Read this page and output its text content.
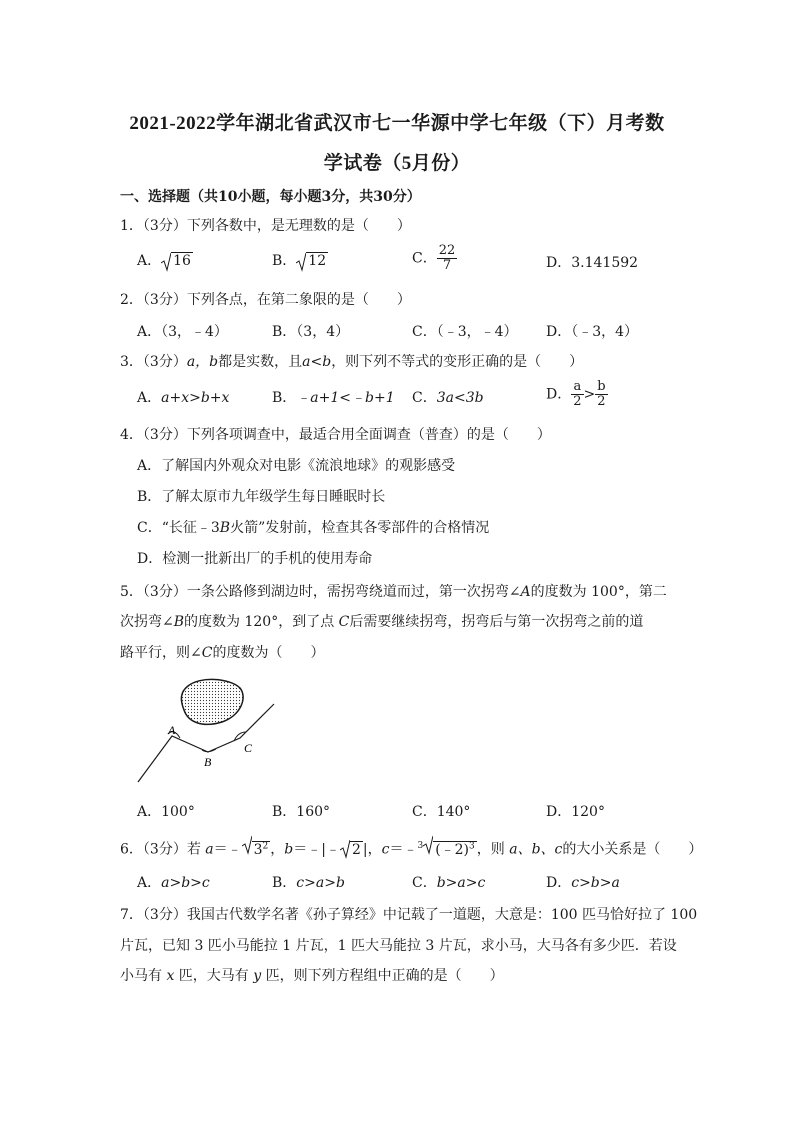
2021-2022学年湖北省武汉市七一华源中学七年级（下）月考数
学试卷（5月份）
一、选择题（共10小题，每小题3分，共30分）
1．（3分）下列各数中，是无理数的是（　　）
A． 16	B． 12	C． $\frac{22}{7}$	D．3.141592
2．（3分）下列各点，在第二象限的是（　　）
A．（3，﹣4）	B．（3，4）	C．（﹣3，﹣4） D．（﹣3，4）
3．（3分）a，b都是实数，且a<b，则下列不等式的变形正确的是（　　）
A．a+x>b+x	B．﹣a+1<﹣b+1 C．3a<3b	D． $\frac{a}{2} > \frac{b}{2}$
4．（3分）下列各项调查中，最适合用全面调查（普查）的是（　　）
A．了解国内外观众对电影《流浪地球》的观影感受
B．了解太原市九年级学生每日睡眠时长
C．“长征﹣3B火箭”发射前，检查其各零部件的合格情况
D．检测一批新出厂的手机的使用寿命
5．（3分）一条公路修到湖边时，需拐弯绕道而过，第一次拐弯∠A的度数为 100°，第二
次拐弯∠B的度数为 120°，到了点 C后需要继续拐弯，拐弯后与第一次拐弯之前的道
路平行，则∠C的度数为（　　）
A
B
C
A．100°	B．160°	C．140°	D．120°
6．（3分）若 a＝﹣ $3^2$ ，b＝﹣|﹣ 2 |，c＝﹣$^3$ (﹣2)$^3$ ，则 a、b、c的大小关系是（　　）
A．a>b>c	B．c>a>b	C．b>a>c	D．c>b>a
7．（3分）我国古代数学名著《孙子算经》中记载了一道题，大意是：100 匹马恰好拉了 100
片瓦，已知 3 匹小马能拉 1 片瓦，1 匹大马能拉 3 片瓦，求小马，大马各有多少匹．若设
小马有 x 匹，大马有 y 匹，则下列方程组中正确的是（　　）
